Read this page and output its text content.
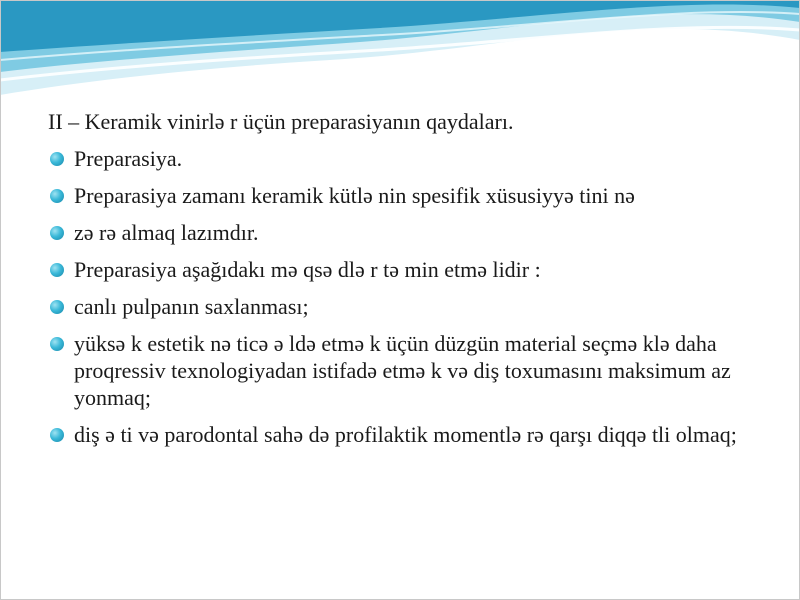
II – Keramik vinirlǝ r üçün preparasiyanın qaydaları.
Preparasiya.
Preparasiya zamanı keramik kütlǝ nin spesifik xüsusiyyǝ tini nǝ
zǝ rǝ almaq lazımdır.
Preparasiya aşağıdakı mǝ qsǝ dlǝ r tǝ min etmǝ lidir :
canlı pulpanın saxlanması;
yüksǝ k estetik nǝ ticǝ ǝ ldǝ etmǝ k üçün düzgün material seçmǝ klǝ daha proqressiv texnologiyadan istifadǝ etmǝ k vǝ diş toxumasını maksimum az yonmaq;
diş ǝ ti vǝ parodontal sahǝ dǝ profilaktik momentlǝ rǝ qarşı diqqǝ tli olmaq;
